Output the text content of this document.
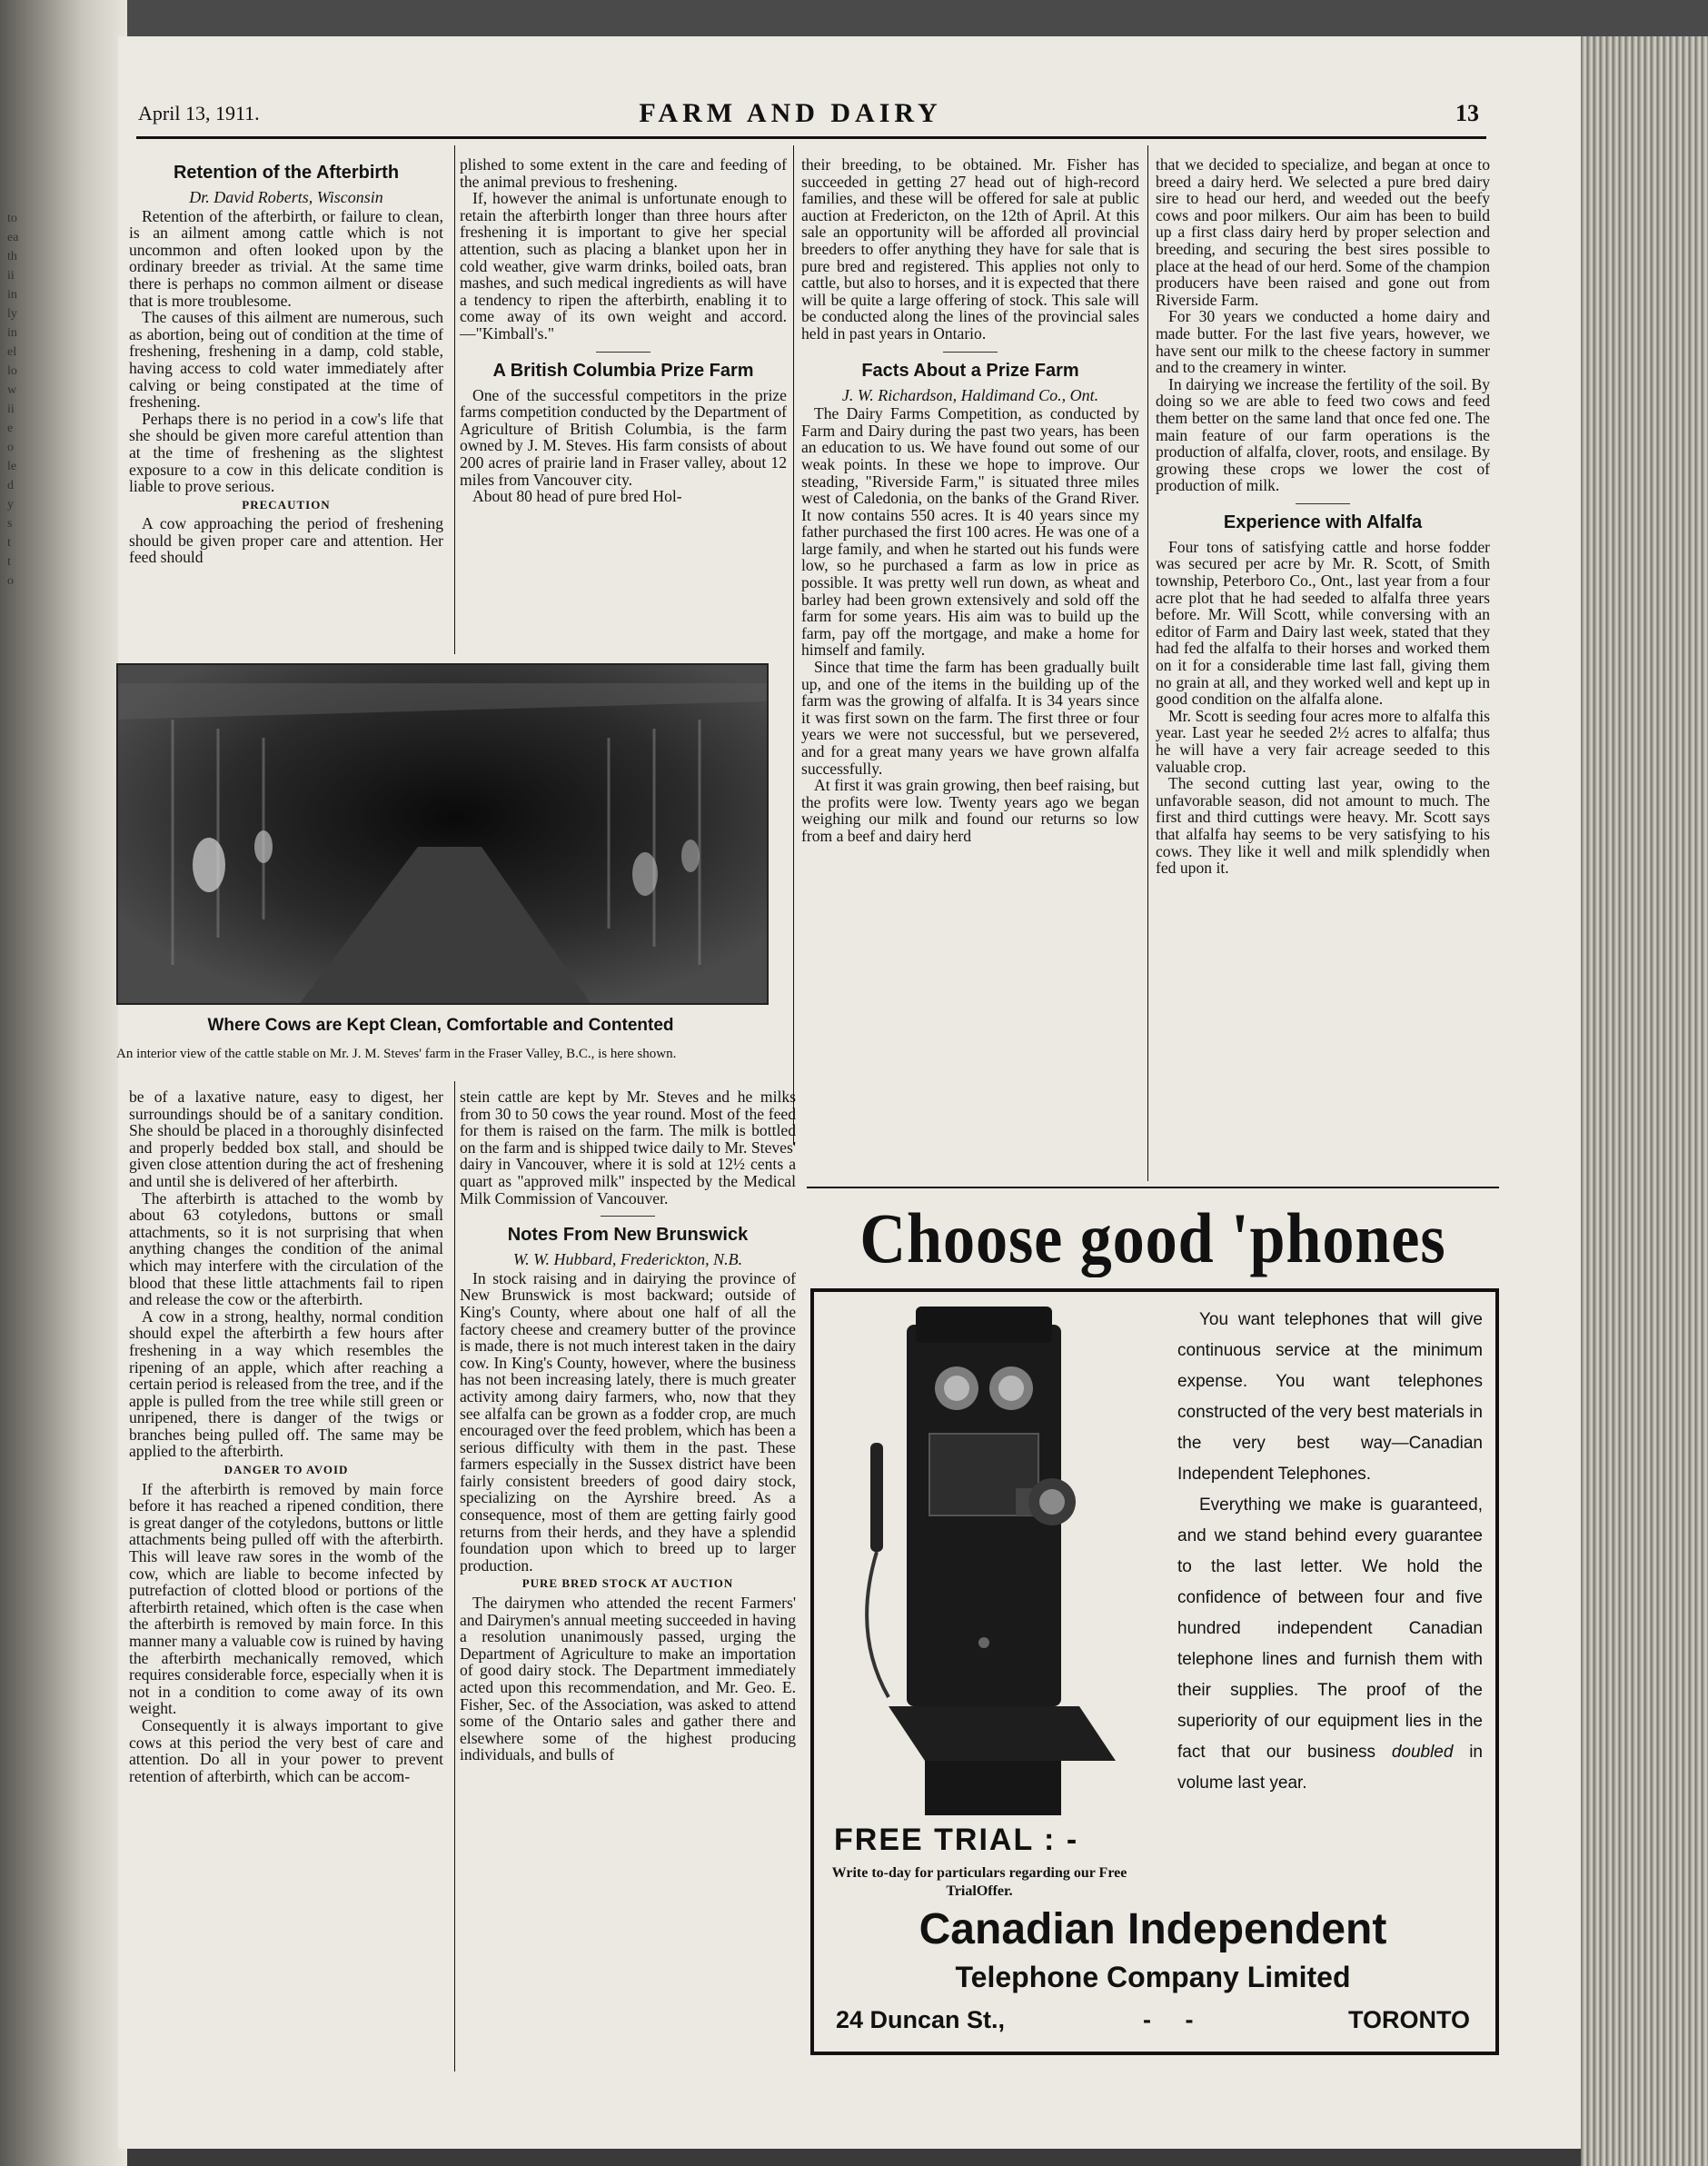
to
ea
th
ii
in
ly
in
el
lo
w
ii
e
o
le
d
y
s
t
t
o
April 13, 1911.	FARM AND DAIRY	13
Retention of the Afterbirth
Dr. David Roberts, Wisconsin

Retention of the afterbirth, or failure to clean, is an ailment among cattle which is not uncommon and often looked upon by the ordinary breeder as trivial. At the same time there is perhaps no common ailment or disease that is more troublesome.

The causes of this ailment are numerous, such as abortion, being out of condition at the time of freshening, freshening in a damp, cold stable, having access to cold water immediately after calving or being constipated at the time of freshening.

Perhaps there is no period in a cow's life that she should be given more careful attention than at the time of freshening as the slightest exposure to a cow in this delicate condition is liable to prove serious.

PRECAUTION

A cow approaching the period of freshening should be given proper care and attention. Her feed should

plished to some extent in the care and feeding of the animal previous to freshening.

If, however the animal is unfortunate enough to retain the afterbirth longer than three hours after freshening it is important to give her special attention, such as placing a blanket upon her in cold weather, give warm drinks, boiled oats, bran mashes, and such medical ingredients as will have a tendency to ripen the afterbirth, enabling it to come away of its own weight and accord.—"Kimball's."

A British Columbia Prize Farm

One of the successful competitors in the prize farms competition conducted by the Department of Agriculture of British Columbia, is the farm owned by J. M. Steves. His farm consists of about 200 acres of prairie land in Fraser valley, about 12 miles from Vancouver city.

About 80 head of pure bred Hol-

Where Cows are Kept Clean, Comfortable and Contented
An interior view of the cattle stable on Mr. J. M. Steves' farm in the Fraser Valley, B.C., is here shown.

be of a laxative nature, easy to digest, her surroundings should be of a sanitary condition. She should be placed in a thoroughly disinfected and properly bedded box stall, and should be given close attention during the act of freshening and until she is delivered of her afterbirth.

The afterbirth is attached to the womb by about 63 cotyledons, buttons or small attachments, so it is not surprising that when anything changes the condition of the animal which may interfere with the circulation of the blood that these little attachments fail to ripen and release the cow or the afterbirth.

A cow in a strong, healthy, normal condition should expel the afterbirth a few hours after freshening in a way which resembles the ripening of an apple, which after reaching a certain period is released from the tree, and if the apple is pulled from the tree while still green or unripened, there is danger of the twigs or branches being pulled off. The same may be applied to the afterbirth.

DANGER TO AVOID

If the afterbirth is removed by main force before it has reached a ripened condition, there is great danger of the cotyledons, buttons or little attachments being pulled off with the afterbirth. This will leave raw sores in the womb of the cow, which are liable to become infected by putrefaction of clotted blood or portions of the afterbirth retained, which often is the case when the afterbirth is removed by main force. In this manner many a valuable cow is ruined by having the afterbirth mechanically removed, which requires considerable force, especially when it is not in a condition to come away of its own weight.

Consequently it is always important to give cows at this period the very best of care and attention. Do all in your power to prevent retention of afterbirth, which can be accom-

stein cattle are kept by Mr. Steves and he milks from 30 to 50 cows the year round. Most of the feed for them is raised on the farm. The milk is bottled on the farm and is shipped twice daily to Mr. Steves' dairy in Vancouver, where it is sold at 12½ cents a quart as "approved milk" inspected by the Medical Milk Commission of Vancouver.

Notes From New Brunswick
W. W. Hubbard, Frederickton, N.B.

In stock raising and in dairying the province of New Brunswick is most backward; outside of King's County, where about one half of all the factory cheese and creamery butter of the province is made, there is not much interest taken in the dairy cow. In King's County, however, where the business has not been increasing lately, there is much greater activity among dairy farmers, who, now that they see alfalfa can be grown as a fodder crop, are much encouraged over the feed problem, which has been a serious difficulty with them in the past. These farmers especially in the Sussex district have been fairly consistent breeders of good dairy stock, specializing on the Ayrshire breed. As a consequence, most of them are getting fairly good returns from their herds, and they have a splendid foundation upon which to breed up to larger production.

PURE BRED STOCK AT AUCTION

The dairymen who attended the recent Farmers' and Dairymen's annual meeting succeeded in having a resolution unanimously passed, urging the Department of Agriculture to make an importation of good dairy stock. The Department immediately acted upon this recommendation, and Mr. Geo. E. Fisher, Sec. of the Association, was asked to attend some of the Ontario sales and gather there and elsewhere some of the highest producing individuals, and bulls of

their breeding, to be obtained. Mr. Fisher has succeeded in getting 27 head out of high-record families, and these will be offered for sale at public auction at Fredericton, on the 12th of April. At this sale an opportunity will be afforded all provincial breeders to offer anything they have for sale that is pure bred and registered. This applies not only to cattle, but also to horses, and it is expected that there will be quite a large offering of stock. This sale will be conducted along the lines of the provincial sales held in past years in Ontario.

Facts About a Prize Farm
J. W. Richardson, Haldimand Co., Ont.

The Dairy Farms Competition, as conducted by Farm and Dairy during the past two years, has been an education to us. We have found out some of our weak points. In these we hope to improve. Our steading, "Riverside Farm," is situated three miles west of Caledonia, on the banks of the Grand River. It now contains 550 acres. It is 40 years since my father purchased the first 100 acres. He was one of a large family, and when he started out his funds were low, so he purchased a farm as low in price as possible. It was pretty well run down, as wheat and barley had been grown extensively and sold off the farm for some years. His aim was to build up the farm, pay off the mortgage, and make a home for himself and family.

Since that time the farm has been gradually built up, and one of the items in the building up of the farm was the growing of alfalfa. It is 34 years since it was first sown on the farm. The first three or four years we were not successful, but we persevered, and for a great many years we have grown alfalfa successfully.

At first it was grain growing, then beef raising, but the profits were low. Twenty years ago we began weighing our milk and found our returns so low from a beef and dairy herd

that we decided to specialize, and began at once to breed a dairy herd. We selected a pure bred dairy sire to head our herd, and weeded out the beefy cows and poor milkers. Our aim has been to build up a first class dairy herd by proper selection and breeding, and securing the best sires possible to place at the head of our herd. Some of the champion producers have been raised and gone out from Riverside Farm.

For 30 years we conducted a home dairy and made butter. For the last five years, however, we have sent our milk to the cheese factory in summer and to the creamery in winter.

In dairying we increase the fertility of the soil. By doing so we are able to feed two cows and feed them better on the same land that once fed one. The main feature of our farm operations is the production of alfalfa, clover, roots, and ensilage. By growing these crops we lower the cost of production of milk.

Experience with Alfalfa

Four tons of satisfying cattle and horse fodder was secured per acre by Mr. R. Scott, of Smith township, Peterboro Co., Ont., last year from a four acre plot that he had seeded to alfalfa three years before. Mr. Will Scott, while conversing with an editor of Farm and Dairy last week, stated that they had fed the alfalfa to their horses and worked them on it for a considerable time last fall, giving them no grain at all, and they worked well and kept up in good condition on the alfalfa alone.

Mr. Scott is seeding four acres more to alfalfa this year. Last year he seeded 2½ acres to alfalfa; thus he will have a very fair acreage seeded to this valuable crop.

The second cutting last year, owing to the unfavorable season, did not amount to much. The first and third cuttings were heavy. Mr. Scott says that alfalfa hay seems to be very satisfying to his cows. They like it well and milk splendidly when fed upon it.

Choose good 'phones

You want telephones that will give continuous service at the minimum expense. You want telephones constructed of the very best materials in the very best way—Canadian Independent Telephones.

Everything we make is guaranteed, and we stand behind every guarantee to the last letter. We hold the confidence of between four and five hundred independent Canadian telephone lines and furnish them with their supplies. The proof of the superiority of our equipment lies in the fact that our business doubled in volume last year.

FREE TRIAL : -
Write to-day for particulars regarding our Free TrialOffer.
Canadian Independent
Telephone Company Limited
24 Duncan St.,	- -	TORONTO
